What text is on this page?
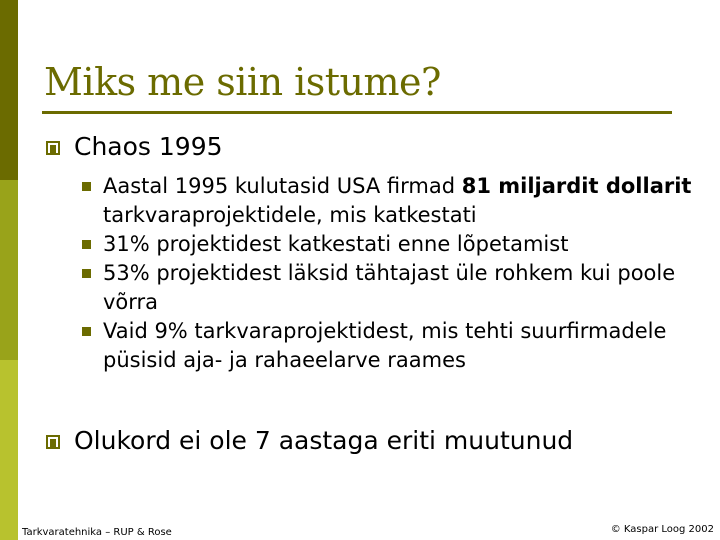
Miks me siin istume?
Chaos 1995
Aastal 1995 kulutasid USA firmad 81 miljardit dollarit tarkvaraprojektidele, mis katkestati
31% projektidest katkestati enne lõpetamist
53% projektidest läksid tähtajast üle rohkem kui poole võrra
Vaid 9% tarkvaraprojektidest, mis tehti suurfirmadele püsisid aja- ja rahaeelarve raames
Olukord ei ole 7 aastaga eriti muutunud
Tarkvaratehnika – RUP & Rose	© Kaspar Loog 2002
